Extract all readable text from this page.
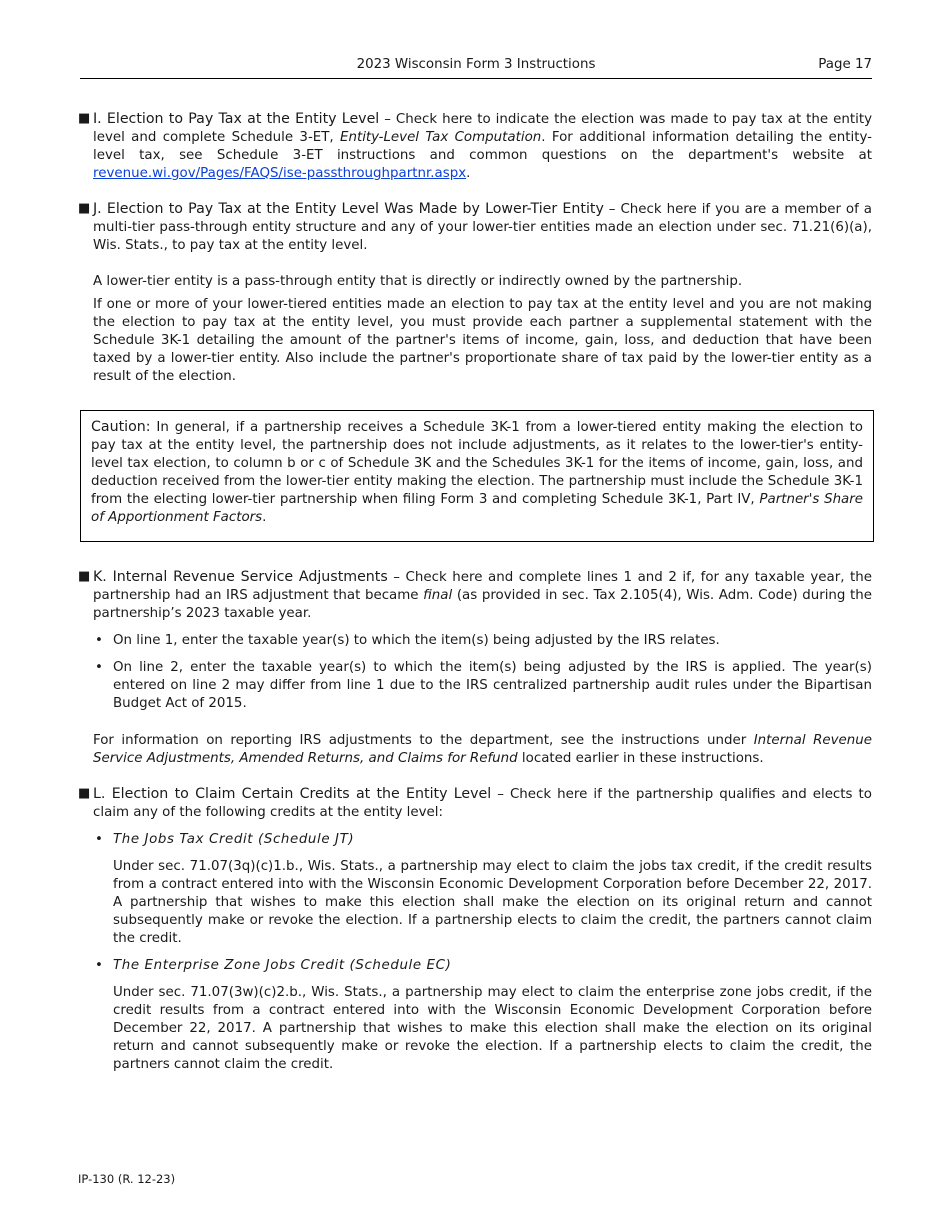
2023 Wisconsin Form 3 Instructions	Page 17
■ I. Election to Pay Tax at the Entity Level – Check here to indicate the election was made to pay tax at the entity level and complete Schedule 3-ET, Entity-Level Tax Computation. For additional information detailing the entity-level tax, see Schedule 3-ET instructions and common questions on the department's website at revenue.wi.gov/Pages/FAQS/ise-passthroughpartnr.aspx.
■ J. Election to Pay Tax at the Entity Level Was Made by Lower-Tier Entity – Check here if you are a member of a multi-tier pass-through entity structure and any of your lower-tier entities made an election under sec. 71.21(6)(a), Wis. Stats., to pay tax at the entity level.
A lower-tier entity is a pass-through entity that is directly or indirectly owned by the partnership.
If one or more of your lower-tiered entities made an election to pay tax at the entity level and you are not making the election to pay tax at the entity level, you must provide each partner a supplemental statement with the Schedule 3K-1 detailing the amount of the partner's items of income, gain, loss, and deduction that have been taxed by a lower-tier entity. Also include the partner's proportionate share of tax paid by the lower-tier entity as a result of the election.
Caution: In general, if a partnership receives a Schedule 3K-1 from a lower-tiered entity making the election to pay tax at the entity level, the partnership does not include adjustments, as it relates to the lower-tier's entity-level tax election, to column b or c of Schedule 3K and the Schedules 3K-1 for the items of income, gain, loss, and deduction received from the lower-tier entity making the election. The partnership must include the Schedule 3K-1 from the electing lower-tier partnership when filing Form 3 and completing Schedule 3K-1, Part IV, Partner's Share of Apportionment Factors.
■ K. Internal Revenue Service Adjustments – Check here and complete lines 1 and 2 if, for any taxable year, the partnership had an IRS adjustment that became final (as provided in sec. Tax 2.105(4), Wis. Adm. Code) during the partnership’s 2023 taxable year.
• On line 1, enter the taxable year(s) to which the item(s) being adjusted by the IRS relates.
• On line 2, enter the taxable year(s) to which the item(s) being adjusted by the IRS is applied. The year(s) entered on line 2 may differ from line 1 due to the IRS centralized partnership audit rules under the Bipartisan Budget Act of 2015.
For information on reporting IRS adjustments to the department, see the instructions under Internal Revenue Service Adjustments, Amended Returns, and Claims for Refund located earlier in these instructions.
■ L. Election to Claim Certain Credits at the Entity Level – Check here if the partnership qualifies and elects to claim any of the following credits at the entity level:
• The Jobs Tax Credit (Schedule JT)
Under sec. 71.07(3q)(c)1.b., Wis. Stats., a partnership may elect to claim the jobs tax credit, if the credit results from a contract entered into with the Wisconsin Economic Development Corporation before December 22, 2017. A partnership that wishes to make this election shall make the election on its original return and cannot subsequently make or revoke the election. If a partnership elects to claim the credit, the partners cannot claim the credit.
• The Enterprise Zone Jobs Credit (Schedule EC)
Under sec. 71.07(3w)(c)2.b., Wis. Stats., a partnership may elect to claim the enterprise zone jobs credit, if the credit results from a contract entered into with the Wisconsin Economic Development Corporation before December 22, 2017. A partnership that wishes to make this election shall make the election on its original return and cannot subsequently make or revoke the election. If a partnership elects to claim the credit, the partners cannot claim the credit.
IP-130 (R. 12-23)
